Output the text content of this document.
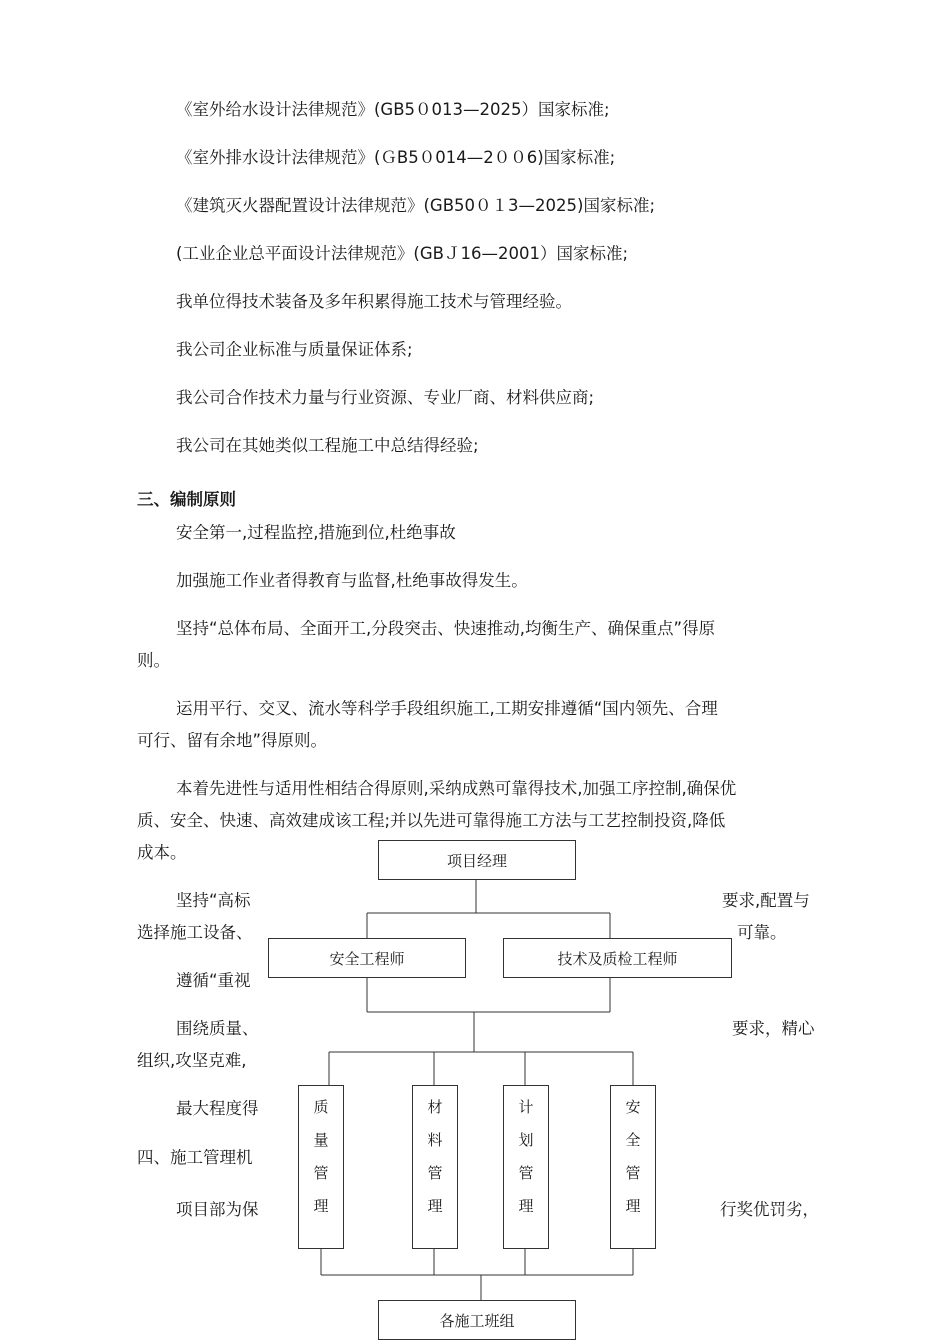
《室外给水设计法律规范》(GB5０013—2025）国家标准;
《室外排水设计法律规范》(ＧB5０014—2００6)国家标准;
《建筑灭火器配置设计法律规范》(GB50０１3—2025)国家标准;
(工业企业总平面设计法律规范》(GBＪ16—2001）国家标准;
我单位得技术装备及多年积累得施工技术与管理经验。
我公司企业标准与质量保证体系;
我公司合作技术力量与行业资源、专业厂商、材料供应商;
我公司在其她类似工程施工中总结得经验;
三、编制原则
安全第一,过程监控,措施到位,杜绝事故
加强施工作业者得教育与监督,杜绝事故得发生。
坚持“总体布局、全面开工,分段突击、快速推动,均衡生产、确保重点”得原
则。
运用平行、交叉、流水等科学手段组织施工,工期安排遵循“国内领先、合理
可行、留有余地”得原则。
本着先进性与适用性相结合得原则,采纳成熟可靠得技术,加强工序控制,确保优
质、安全、快速、高效建成该工程;并以先进可靠得施工方法与工艺控制投资,降低
成本。
坚持“高标	要求,配置与
选择施工设备、	可靠。
遵循“重视
围绕质量、	要求，精心
组织,攻坚克难,
最大程度得
四、施工管理机
项目部为保	行奖优罚劣，
项目经理
安全工程师	技术及质检工程师
质
量
管
理
材
料
管
理
计
划
管
理
安
全
管
理
各施工班组
